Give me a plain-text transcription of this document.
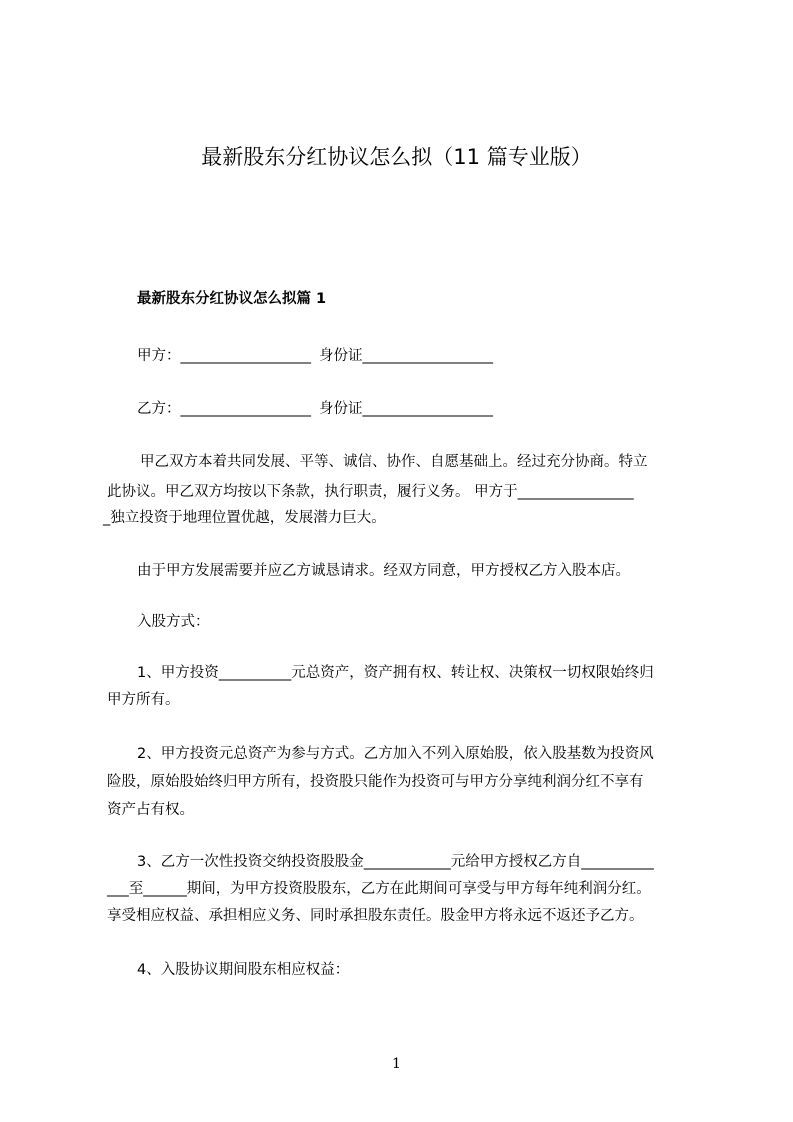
最新股东分红协议怎么拟（11 篇专业版）
最新股东分红协议怎么拟篇 1
甲方：__________________ 身份证__________________
乙方：__________________ 身份证__________________
甲乙双方本着共同发展、平等、诚信、协作、自愿基础上。经过充分协商。特立
此协议。甲乙双方均按以下条款，执行职责，履行义务。 甲方于________________
_独立投资于地理位置优越，发展潜力巨大。
由于甲方发展需要并应乙方诚恳请求。经双方同意，甲方授权乙方入股本店。
入股方式：
1、甲方投资__________元总资产，资产拥有权、转让权、决策权一切权限始终归
甲方所有。
2、甲方投资元总资产为参与方式。乙方加入不列入原始股，依入股基数为投资风
险股，原始股始终归甲方所有，投资股只能作为投资可与甲方分享纯利润分红不享有
资产占有权。
3、乙方一次性投资交纳投资股股金____________元给甲方授权乙方自__________
___至______期间，为甲方投资股股东，乙方在此期间可享受与甲方每年纯利润分红。
享受相应权益、承担相应义务、同时承担股东责任。股金甲方将永远不返还予乙方。
4、入股协议期间股东相应权益：
1
